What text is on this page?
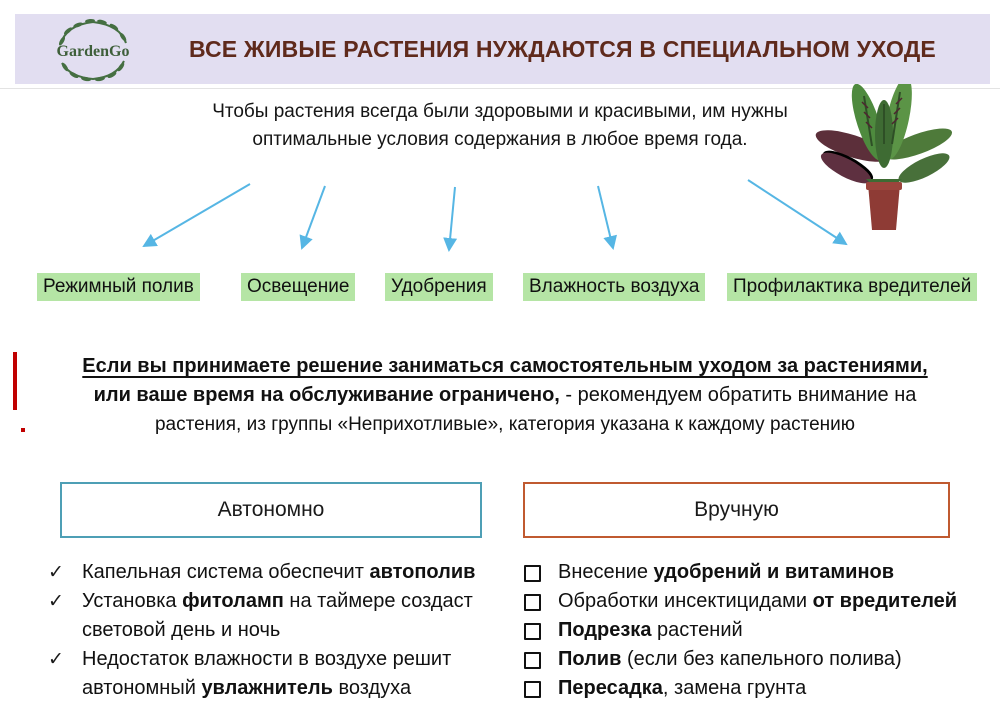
ВСЕ ЖИВЫЕ РАСТЕНИЯ НУЖДАЮТСЯ В СПЕЦИАЛЬНОМ УХОДЕ
GardenGo
Чтобы растения всегда были здоровыми и красивыми, им нужны
оптимальные условия содержания в любое время года.
Режимный полив	Освещение	Удобрения	Влажность воздуха	Профилактика вредителей
Если вы принимаете решение заниматься самостоятельным уходом за растениями,
или ваше время на обслуживание ограничено, - рекомендуем обратить внимание на
растения, из группы «Неприхотливые», категория указана к каждому растению
Автономно	Вручную
✓ Капельная система обеспечит автополив
✓ Установка фитоламп на таймере создаст световой день и ночь
✓ Недостаток влажности в воздухе решит автономный увлажнитель воздуха
Внесение удобрений и витаминов
Обработки инсектицидами от вредителей
Подрезка растений
Полив (если без капельного полива)
Пересадка, замена грунта
